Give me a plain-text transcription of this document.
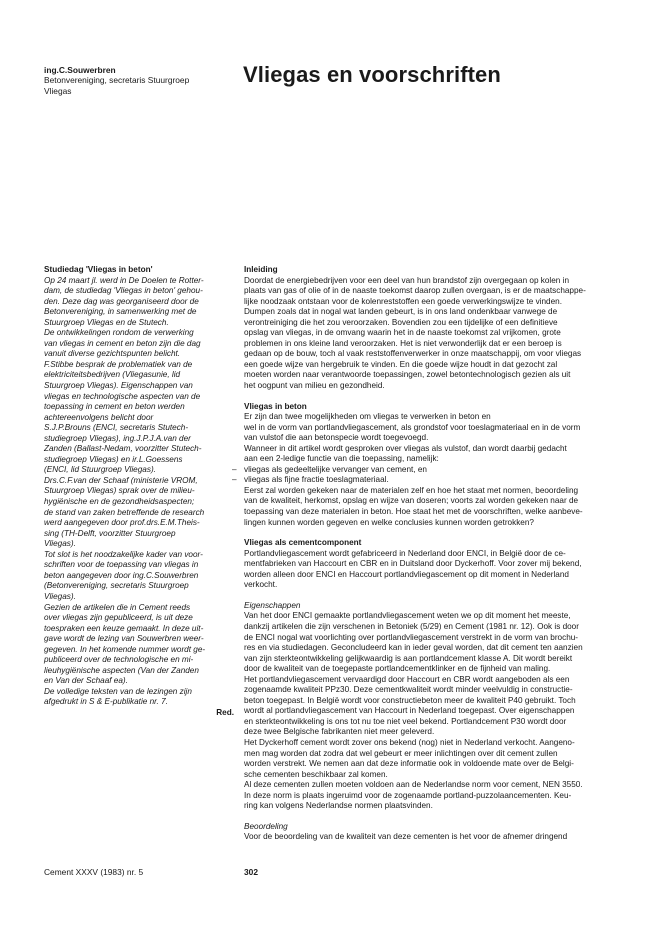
ing.C.Souwerbren
Betonvereniging, secretaris Stuurgroep
Vliegas
Vliegas en voorschriften
Studiedag 'Vliegas in beton'

Op 24 maart jl. werd in De Doelen te Rotter-

dam, de studiedag 'Vliegas in beton' gehou-

den. Deze dag was georganiseerd door de

Betonvereniging, in samenwerking met de

Stuurgroep Vliegas en de Stutech.

De ontwikkelingen rondom de verwerking

van vliegas in cement en beton zijn die dag

vanuit diverse gezichtspunten belicht.

F.Stibbe besprak de problematiek van de

elektriciteitsbedrijven (Vliegasunie, lid

Stuurgroep Vliegas). Eigenschappen van

vliegas en technologische aspecten van de

toepassing in cement en beton werden

achtereenvolgens belicht door

S.J.P.Brouns (ENCI, secretaris Stutech-

studiegroep Vliegas), ing.J.P.J.A.van der

Zanden (Ballast-Nedam, voorzitter Stutech-

studiegroep Vliegas) en ir.L.Goessens

(ENCI, lid Stuurgroep Vliegas).

Drs.C.F.van der Schaaf (ministerie VROM,

Stuurgroep Vliegas) sprak over de milieu-

hygiënische en de gezondheidsaspecten;

de stand van zaken betreffende de research

werd aangegeven door prof.drs.E.M.Theis-

sing (TH-Delft, voorzitter Stuurgroep

Vliegas).

Tot slot is het noodzakelijke kader van voor-

schriften voor de toepassing van vliegas in

beton aangegeven door ing.C.Souwerbren

(Betonvereniging, secretaris Stuurgroep

Vliegas).

Gezien de artikelen die in Cement reeds

over vliegas zijn gepubliceerd, is uit deze

toespraken een keuze gemaakt. In deze uit-

gave wordt de lezing van Souwerbren weer-

gegeven. In het komende nummer wordt ge-

publiceerd over de technologische en mi-

lieuhygiënische aspecten (Van der Zanden

en Van der Schaaf ea).

De volledige teksten van de lezingen zijn

afgedrukt in S & E-publikatie nr. 7.

Red.
Inleiding

Doordat de energiebedrijven voor een deel van hun brandstof zijn overgegaan op kolen in

plaats van gas of olie of in de naaste toekomst daarop zullen overgaan, is er de maatschappe-

lijke noodzaak ontstaan voor de kolenreststoffen een goede verwerkingswijze te vinden.

Dumpen zoals dat in nogal wat landen gebeurt, is in ons land ondenkbaar vanwege de

verontreiniging die het zou veroorzaken. Bovendien zou een tijdelijke of een definitieve

opslag van vliegas, in de omvang waarin het in de naaste toekomst zal vrijkomen, grote

problemen in ons kleine land veroorzaken. Het is niet verwonderlijk dat er een beroep is

gedaan op de bouw, toch al vaak reststoffenverwerker in onze maatschappij, om voor vliegas

een goede wijze van hergebruik te vinden. En die goede wijze houdt in dat gezocht zal

moeten worden naar verantwoorde toepassingen, zowel betontechnologisch gezien als uit

het oogpunt van milieu en gezondheid.

Vliegas in beton

Er zijn dan twee mogelijkheden om vliegas te verwerken in beton en

wel in de vorm van portlandvliegascement, als grondstof voor toeslagmateriaal en in de vorm

van vulstof die aan betonspecie wordt toegevoegd.

Wanneer in dit artikel wordt gesproken over vliegas als vulstof, dan wordt daarbij gedacht

aan een 2-ledige functie van die toepassing, namelijk:

– vliegas als gedeeltelijke vervanger van cement, en

– vliegas als fijne fractie toeslagmateriaal.

Eerst zal worden gekeken naar de materialen zelf en hoe het staat met normen, beoordeling

van de kwaliteit, herkomst, opslag en wijze van doseren; voorts zal worden gekeken naar de

toepassing van deze materialen in beton. Hoe staat het met de voorschriften, welke aanbeve-

lingen kunnen worden gegeven en welke conclusies kunnen worden getrokken?

Vliegas als cementcomponent

Portlandvliegascement wordt gefabriceerd in Nederland door ENCI, in België door de ce-

mentfabrieken van Haccourt en CBR en in Duitsland door Dyckerhoff. Voor zover mij bekend,

worden alleen door ENCI en Haccourt portlandvliegascement op dit moment in Nederland

verkocht.

Eigenschappen

Van het door ENCI gemaakte portlandvliegascement weten we op dit moment het meeste,

dankzij artikelen die zijn verschenen in Betoniek (5/29) en Cement (1981 nr. 12). Ook is door

de ENCI nogal wat voorlichting over portlandvliegascement verstrekt in de vorm van brochu-

res en via studiedagen. Geconcludeerd kan in ieder geval worden, dat dit cement ten aanzien

van zijn sterkteontwikkeling gelijkwaardig is aan portlandcement klasse A. Dit wordt bereikt

door de kwaliteit van de toegepaste portlandcementklinker en de fijnheid van maling.

Het portlandvliegascement vervaardigd door Haccourt en CBR wordt aangeboden als een

zogenaamde kwaliteit PPz30. Deze cementkwaliteit wordt minder veelvuldig in constructie-

beton toegepast. In België wordt voor constructiebeton meer de kwaliteit P40 gebruikt. Toch

wordt al portlandvliegascement van Haccourt in Nederland toegepast. Over eigenschappen

en sterkteontwikkeling is ons tot nu toe niet veel bekend. Portlandcement P30 wordt door

deze twee Belgische fabrikanten niet meer geleverd.

Het Dyckerhoff cement wordt zover ons bekend (nog) niet in Nederland verkocht. Aangeno-

men mag worden dat zodra dat wel gebeurt er meer inlichtingen over dit cement zullen

worden verstrekt. We nemen aan dat deze informatie ook in voldoende mate over de Belgi-

sche cementen beschikbaar zal komen.

Al deze cementen zullen moeten voldoen aan de Nederlandse norm voor cement, NEN 3550.

In deze norm is plaats ingeruimd voor de zogenaamde portland-puzzolaancementen. Keu-

ring kan volgens Nederlandse normen plaatsvinden.

Beoordeling

Voor de beoordeling van de kwaliteit van deze cementen is het voor de afnemer dringend

Cement XXXV (1983) nr. 5	302
